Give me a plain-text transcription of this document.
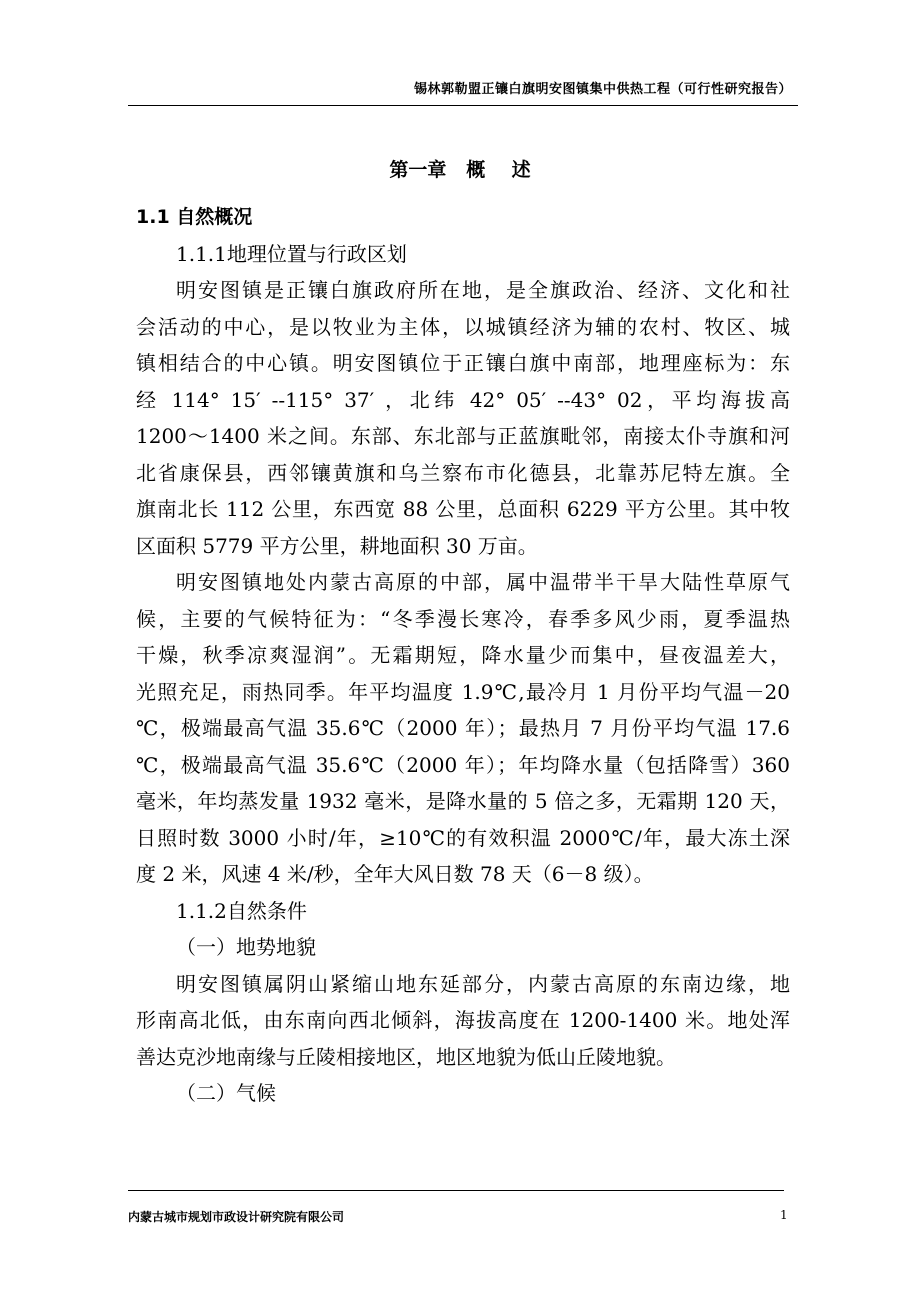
锡林郭勒盟正镶白旗明安图镇集中供热工程（可行性研究报告）
第一章   概    述
1.1 自然概况
1.1.1地理位置与行政区划
明安图镇是正镶白旗政府所在地，是全旗政治、经济、文化和社
会活动的中心，是以牧业为主体，以城镇经济为辅的农村、牧区、城
镇相结合的中心镇。明安图镇位于正镶白旗中南部，地理座标为：东
经 114° 15′ --115° 37′ ，北纬 42° 05′ --43° 02，平均海拔高
1200～1400 米之间。东部、东北部与正蓝旗毗邻，南接太仆寺旗和河
北省康保县，西邻镶黄旗和乌兰察布市化德县，北靠苏尼特左旗。全
旗南北长 112 公里，东西宽 88 公里，总面积 6229 平方公里。其中牧
区面积 5779 平方公里，耕地面积 30 万亩。
明安图镇地处内蒙古高原的中部，属中温带半干旱大陆性草原气
候，主要的气候特征为：“冬季漫长寒冷，春季多风少雨，夏季温热
干燥，秋季凉爽湿润”。无霜期短，降水量少而集中，昼夜温差大，
光照充足，雨热同季。年平均温度 1.9℃,最冷月 1 月份平均气温－20
℃，极端最高气温 35.6℃（2000 年）；最热月 7 月份平均气温 17.6
℃，极端最高气温 35.6℃（2000 年）；年均降水量（包括降雪）360
毫米，年均蒸发量 1932 毫米，是降水量的 5 倍之多，无霜期 120 天，
日照时数 3000 小时/年，≥10℃的有效积温 2000℃/年，最大冻土深
度 2 米，风速 4 米/秒，全年大风日数 78 天（6－8 级）。
1.1.2自然条件
（一）地势地貌
明安图镇属阴山紧缩山地东延部分，内蒙古高原的东南边缘，地
形南高北低，由东南向西北倾斜，海拔高度在 1200-1400 米。地处浑
善达克沙地南缘与丘陵相接地区，地区地貌为低山丘陵地貌。
（二）气候
内蒙古城市规划市政设计研究院有限公司	1
